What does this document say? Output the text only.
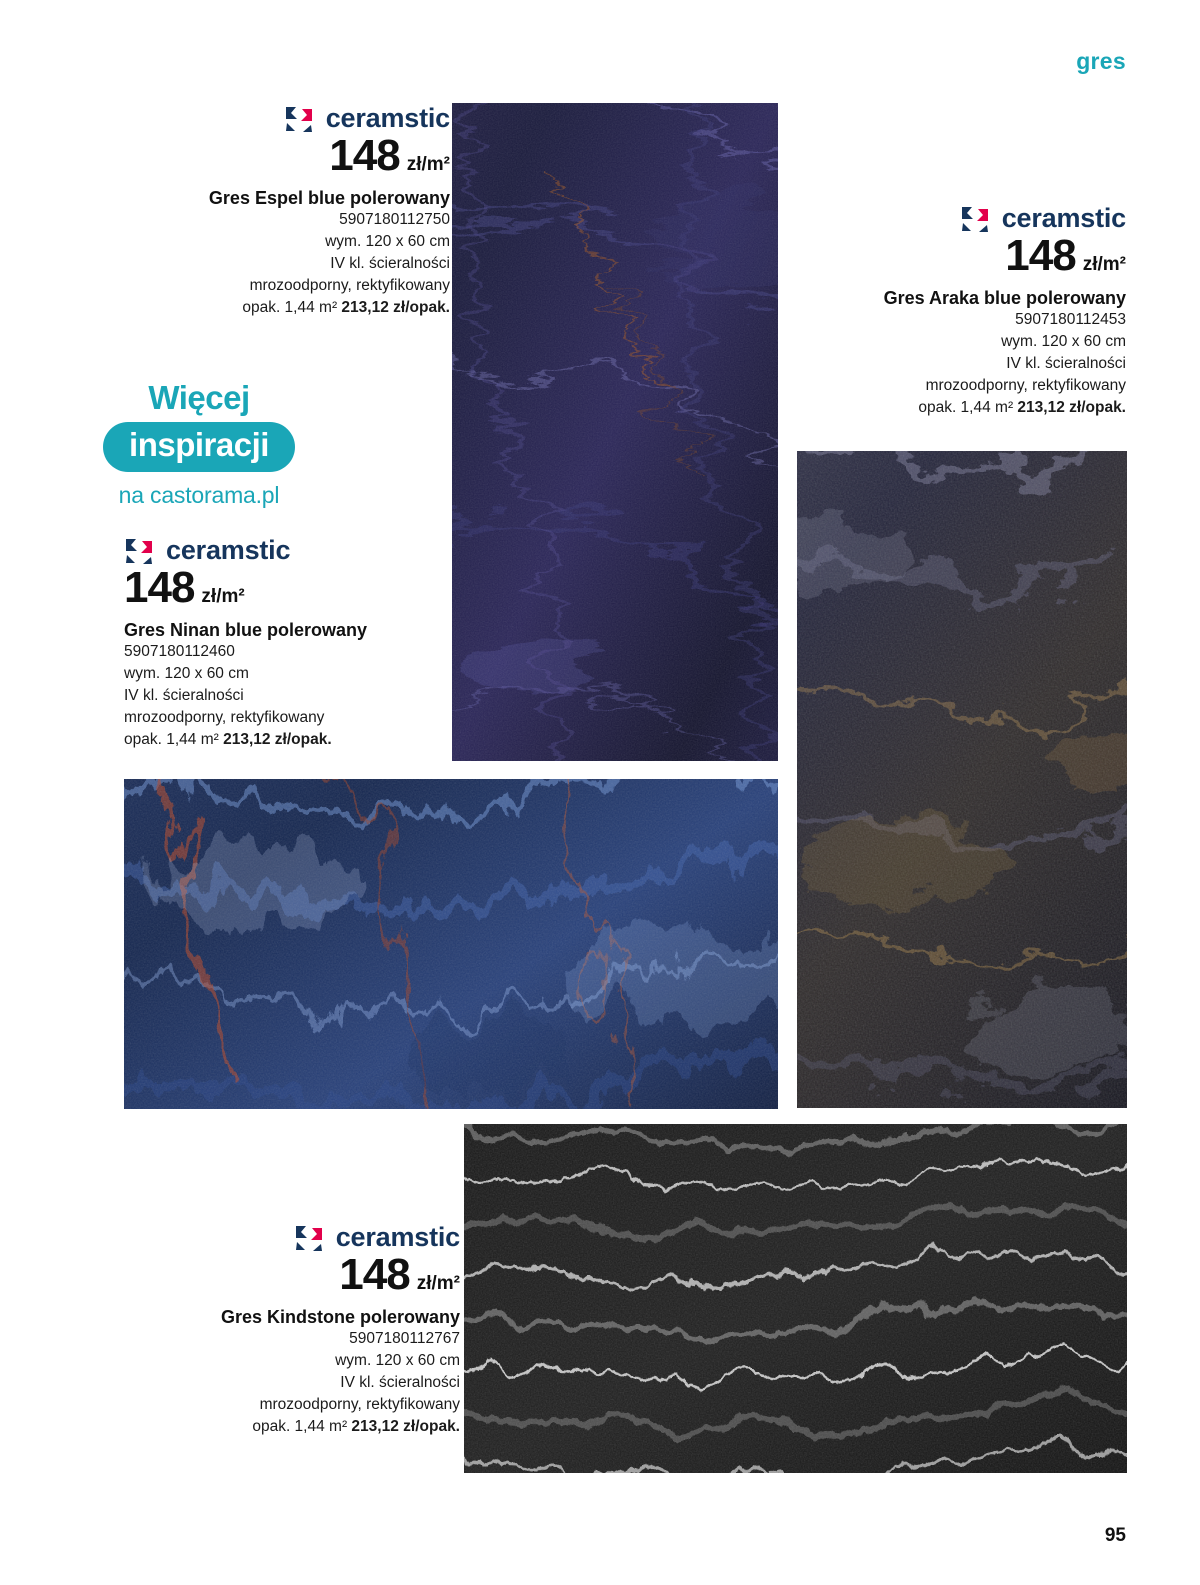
gres
ceramstic
148 zł/m²
Gres Espel blue polerowany
5907180112750
wym. 120 x 60 cm
IV kl. ścieralności
mrozoodporny, rektyfikowany
opak. 1,44 m² 213,12 zł/opak.
ceramstic
148 zł/m²
Gres Araka blue polerowany
5907180112453
wym. 120 x 60 cm
IV kl. ścieralności
mrozoodporny, rektyfikowany
opak. 1,44 m² 213,12 zł/opak.
Więcej
inspiracji
na castorama.pl
ceramstic
148 zł/m²
Gres Ninan blue polerowany
5907180112460
wym. 120 x 60 cm
IV kl. ścieralności
mrozoodporny, rektyfikowany
opak. 1,44 m² 213,12 zł/opak.
ceramstic
148 zł/m²
Gres Kindstone polerowany
5907180112767
wym. 120 x 60 cm
IV kl. ścieralności
mrozoodporny, rektyfikowany
opak. 1,44 m² 213,12 zł/opak.
95
